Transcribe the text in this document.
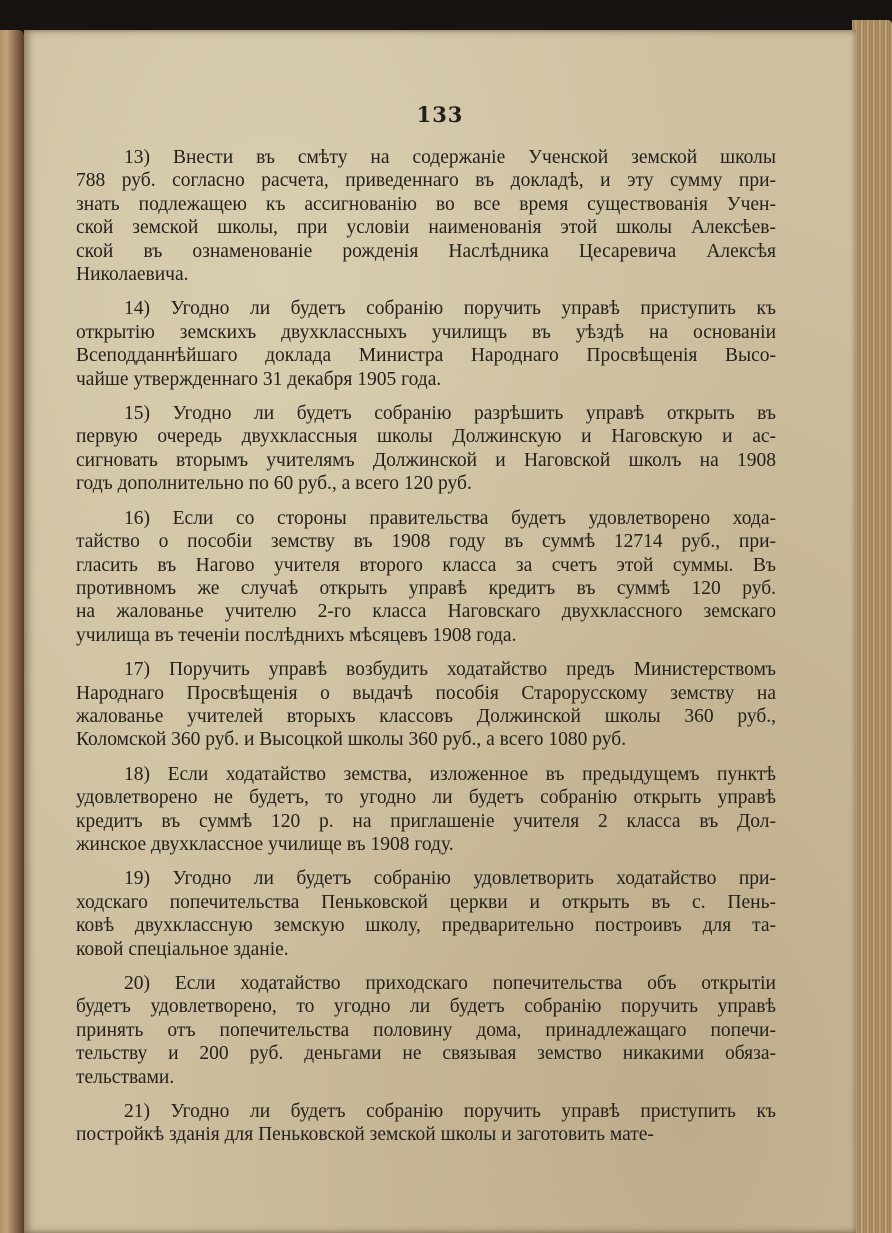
133
13) Внести въ смѣту на содержаніе Ученской земской школы
788 руб. согласно расчета, приведеннаго въ докладѣ, и эту сумму при-
знать подлежащею къ ассигнованію во все время существованія Учен-
ской земской школы, при условіи наименованія этой школы Алексѣев-
ской въ ознаменованіе рожденія Наслѣдника Цесаревича Алексѣя
Николаевича.
14) Угодно ли будетъ собранію поручить управѣ приступить къ
открытію земскихъ двухклассныхъ училищъ въ уѣздѣ на основаніи
Всеподданнѣйшаго доклада Министра Народнаго Просвѣщенія Высо-
чайше утвержденнаго 31 декабря 1905 года.
15) Угодно ли будетъ собранію разрѣшить управѣ открыть въ
первую очередь двухклассныя школы Должинскую и Наговскую и ас-
сигновать вторымъ учителямъ Должинской и Наговской школъ на 1908
годъ дополнительно по 60 руб., а всего 120 руб.
16) Если со стороны правительства будетъ удовлетворено хода-
тайство о пособіи земству въ 1908 году въ суммѣ 12714 руб., при-
гласить въ Нагово учителя второго класса за счетъ этой суммы. Въ
противномъ же случаѣ открыть управѣ кредитъ въ суммѣ 120 руб.
на жалованье учителю 2-го класса Наговскаго двухклассного земскаго
училища въ теченіи послѣднихъ мѣсяцевъ 1908 года.
17) Поручить управѣ возбудить ходатайство предъ Министерствомъ
Народнаго Просвѣщенія о выдачѣ пособія Старорусскому земству на
жалованье учителей вторыхъ классовъ Должинской школы 360 руб.,
Коломской 360 руб. и Высоцкой школы 360 руб., а всего 1080 руб.
18) Если ходатайство земства, изложенное въ предыдущемъ пунктѣ
удовлетворено не будетъ, то угодно ли будетъ собранію открыть управѣ
кредитъ въ суммѣ 120 р. на приглашеніе учителя 2 класса въ Дол-
жинское двухклассное училище въ 1908 году.
19) Угодно ли будетъ собранію удовлетворить ходатайство при-
ходскаго попечительства Пеньковской церкви и открыть въ с. Пень-
ковѣ двухклассную земскую школу, предварительно построивъ для та-
ковой спеціальное зданіе.
20) Если ходатайство приходскаго попечительства объ открытіи
будетъ удовлетворено, то угодно ли будетъ собранію поручить управѣ
принять отъ попечительства половину дома, принадлежащаго попечи-
тельству и 200 руб. деньгами не связывая земство никакими обяза-
тельствами.
21) Угодно ли будетъ собранію поручить управѣ приступить къ
постройкѣ зданія для Пеньковской земской школы и заготовить мате-
